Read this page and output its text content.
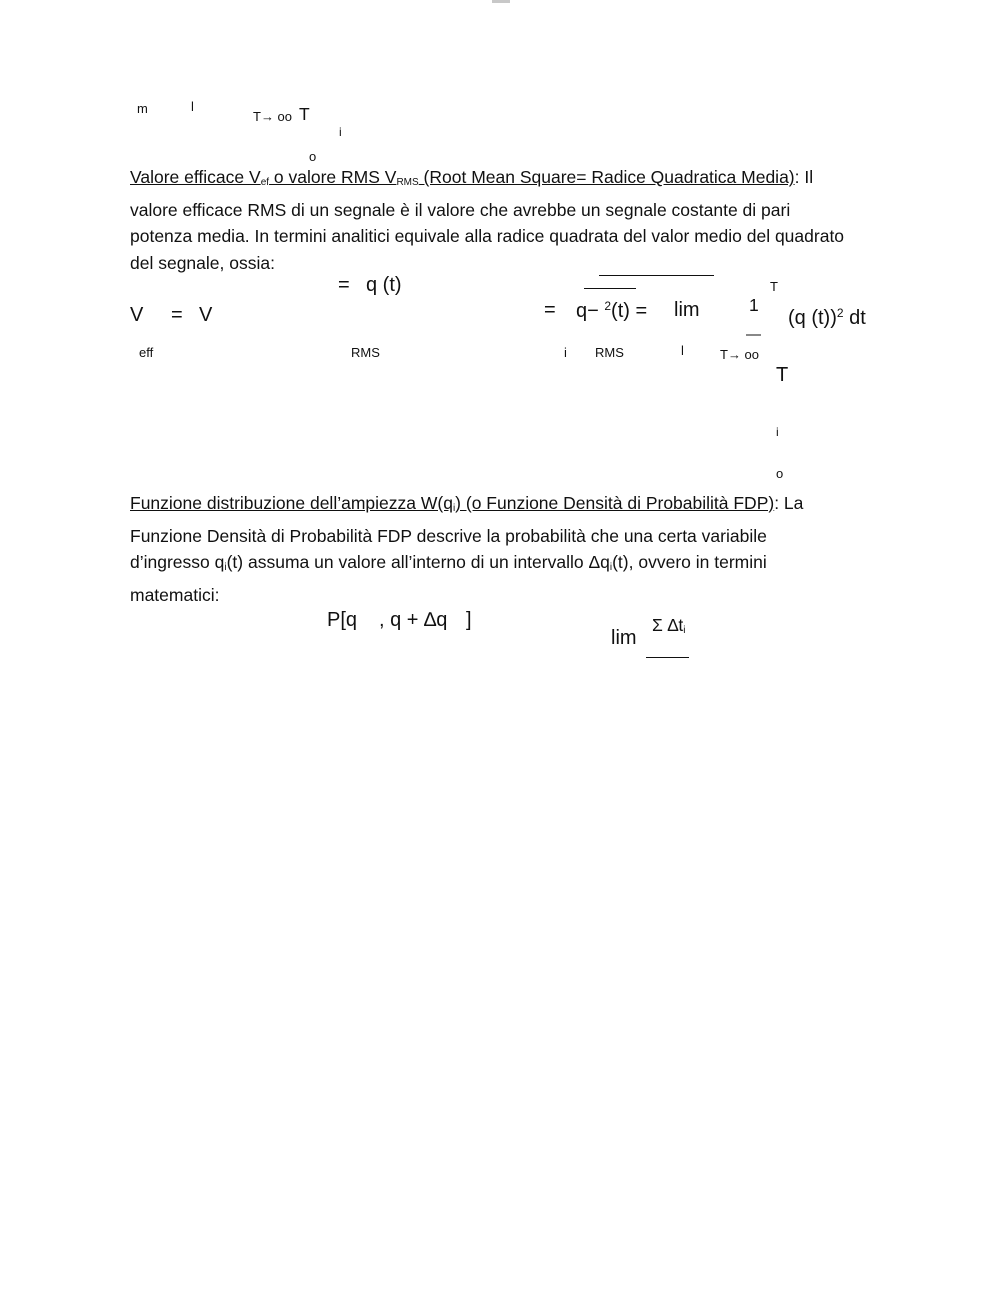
m	l
T→ oo T
i
o

Valore efficace $V_{ef}$ o valore RMS $V_{RMS}$ (Root Mean Square= Radice Quadratica Media): Il

valore efficace RMS di un segnale è il valore che avrebbe un segnale costante di pari potenza media. In termini analitici equivale alla radice quadrata del valor medio del quadrato del segnale, ossia:

V = V
eff	RMS
= q (t)
= q− $^2$(t) = lim
i RMS	l	T→ oo
1
—
T
(q (t))$^2$ dt
T
i
o

Funzione distribuzione dell’ampiezza $W(q_i)$ (o Funzione Densità di Probabilità FDP): La

Funzione Densità di Probabilità FDP descrive la probabilità che una certa variabile

d’ingresso $q_i(t)$ assuma un valore all’interno di un intervallo $\Delta q_i(t)$, ovvero in termini

matematici:

P[q , q + ∆q ]
lim
Σ $\Delta t_i$
